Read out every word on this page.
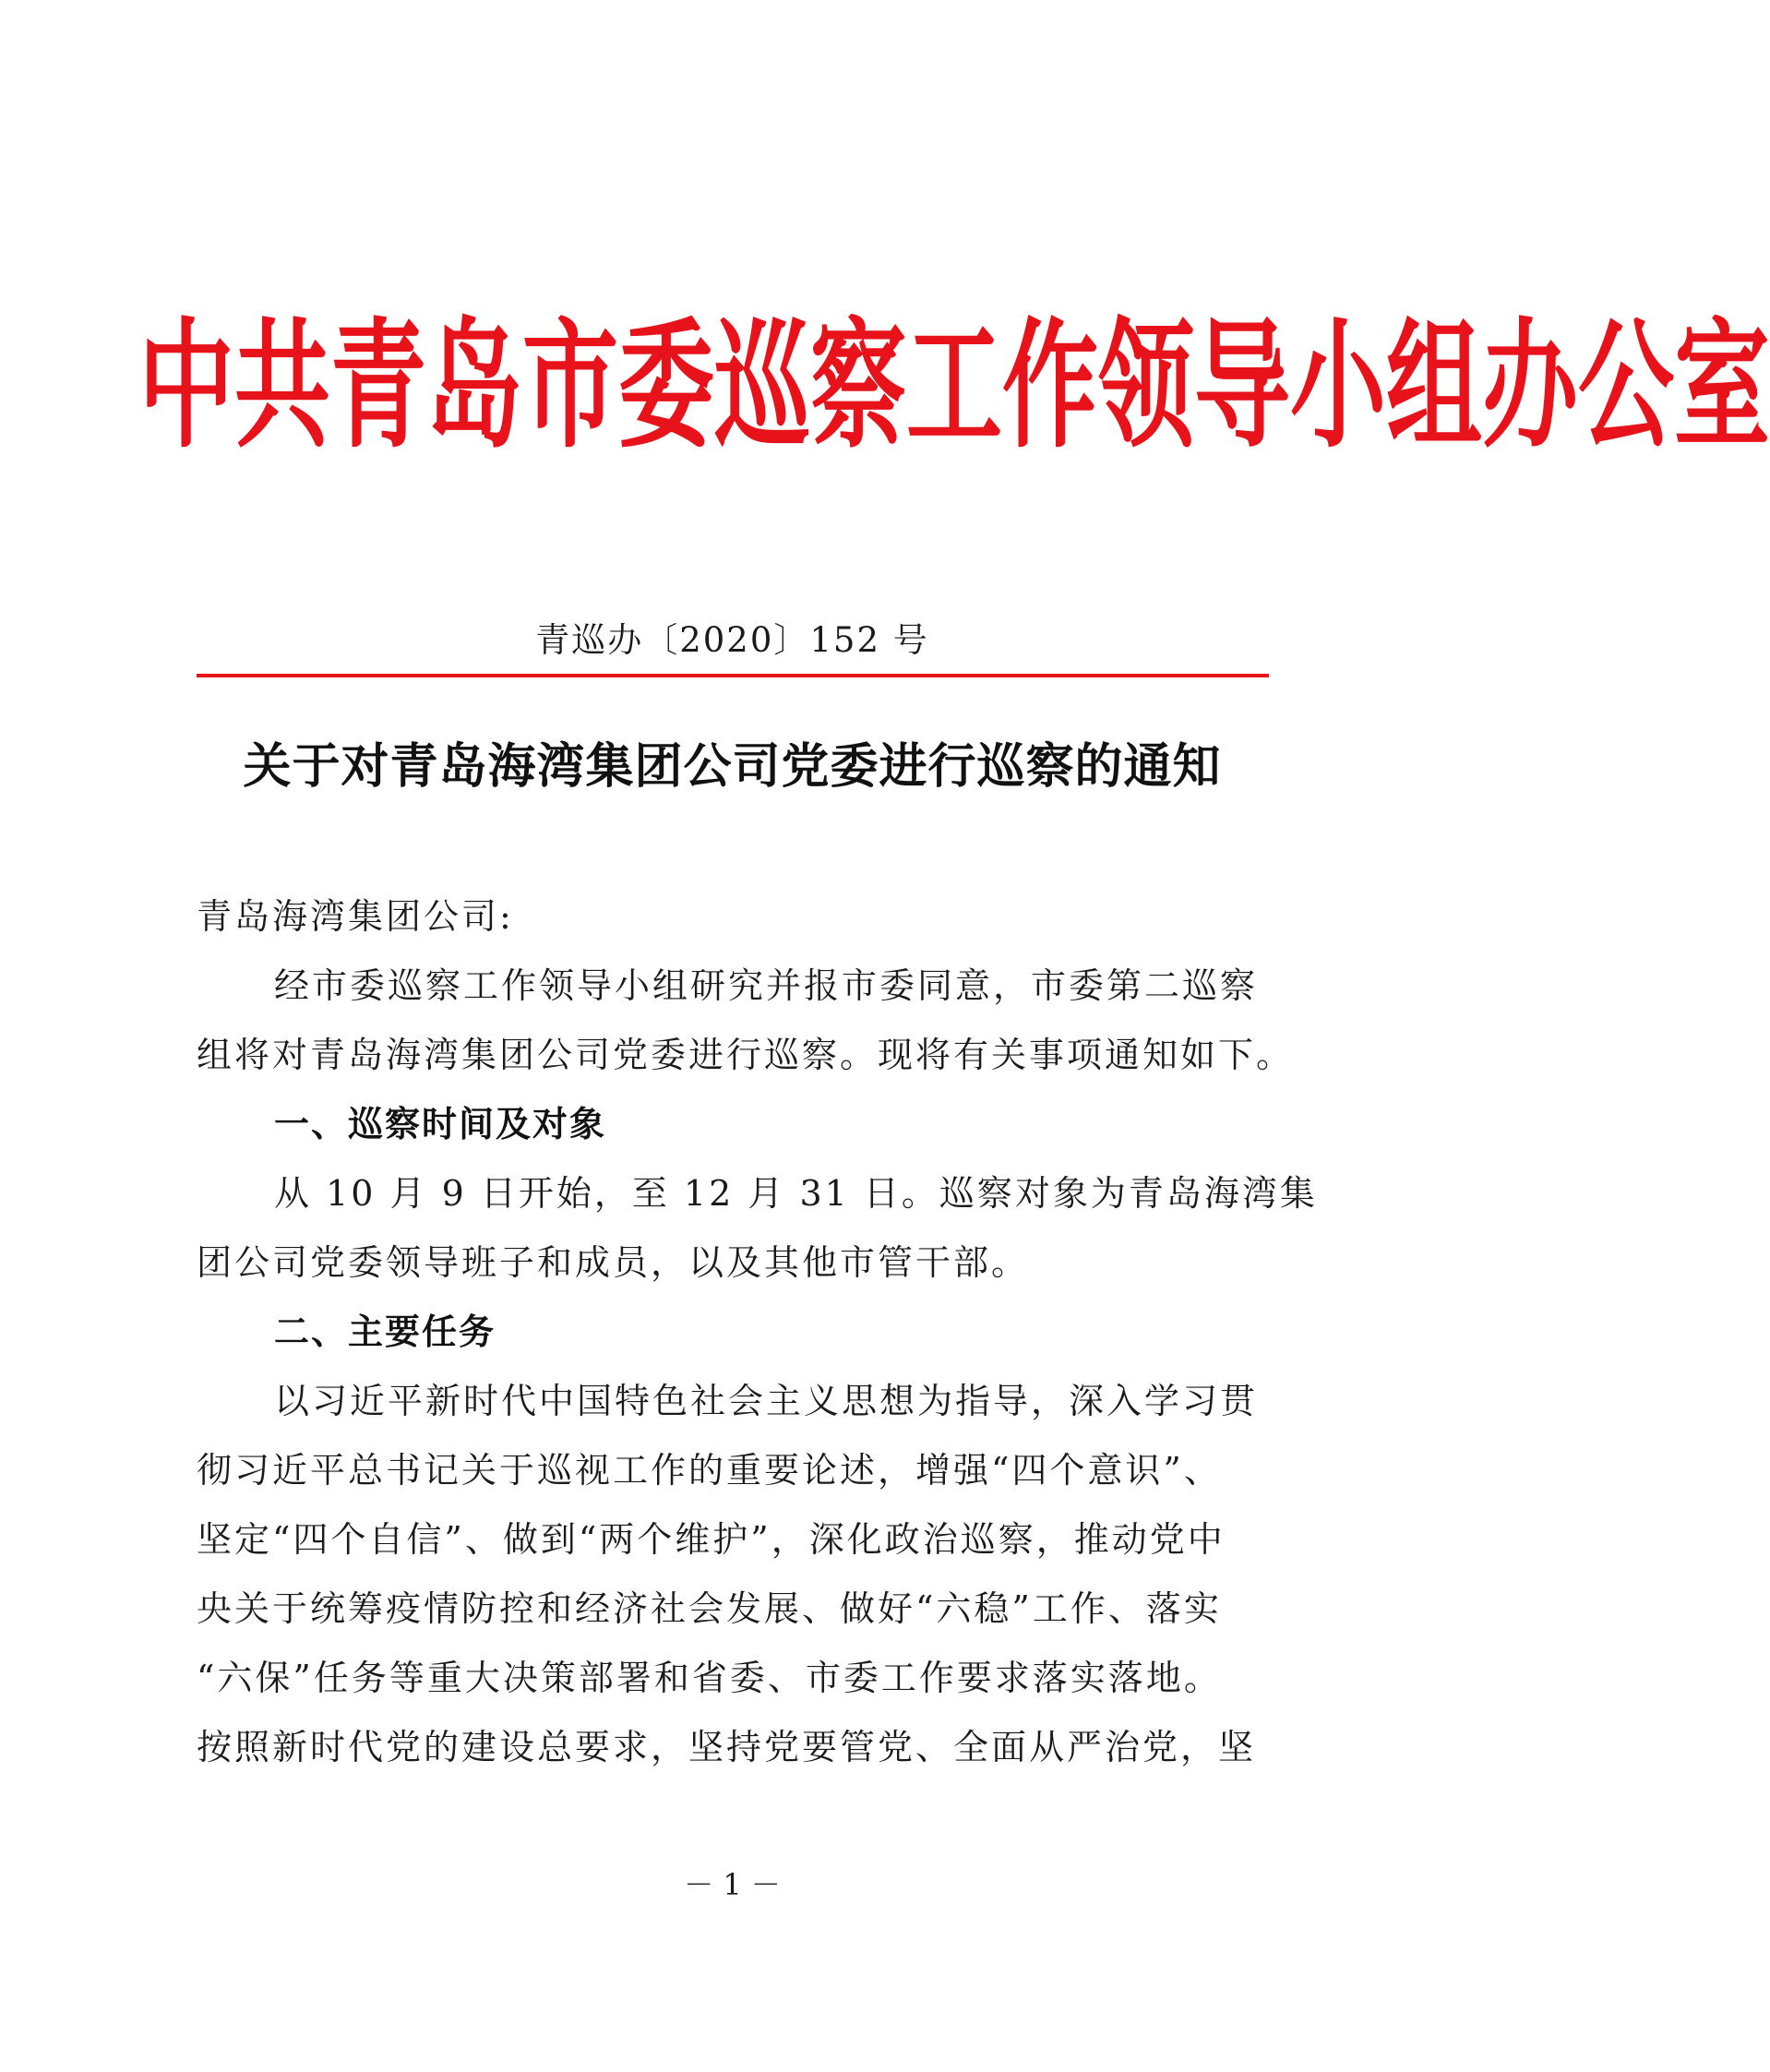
中共青岛市委巡察工作领导小组办公室
青巡办〔2020〕152 号
关于对青岛海湾集团公司党委进行巡察的通知
青岛海湾集团公司:
经市委巡察工作领导小组研究并报市委同意，市委第二巡察
组将对青岛海湾集团公司党委进行巡察。现将有关事项通知如下。
一、巡察时间及对象
从 10 月 9 日开始，至 12 月 31 日。巡察对象为青岛海湾集
团公司党委领导班子和成员，以及其他市管干部。
二、主要任务
以习近平新时代中国特色社会主义思想为指导，深入学习贯
彻习近平总书记关于巡视工作的重要论述，增强“四个意识”、
坚定“四个自信”、做到“两个维护”，深化政治巡察，推动党中
央关于统筹疫情防控和经济社会发展、做好“六稳”工作、落实
“六保”任务等重大决策部署和省委、市委工作要求落实落地。
按照新时代党的建设总要求，坚持党要管党、全面从严治党，坚
－ 1 －
